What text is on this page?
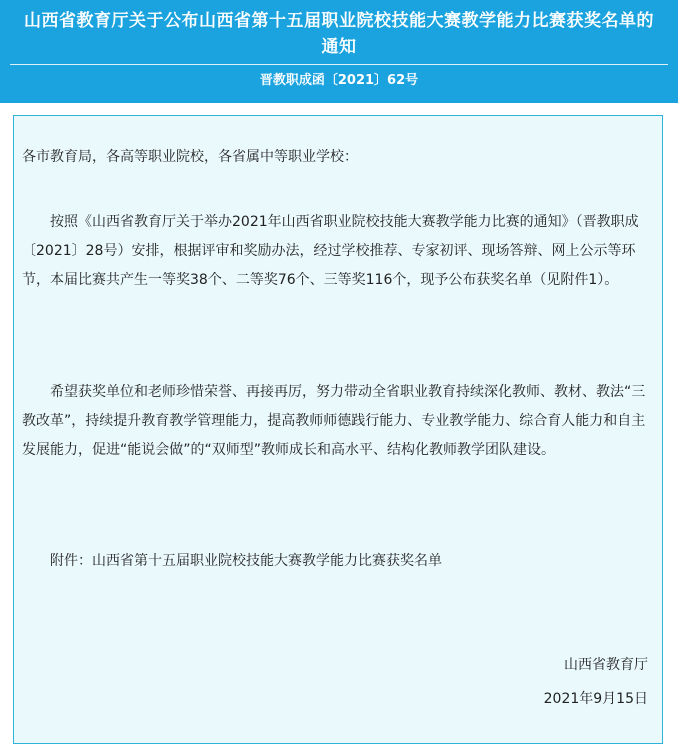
山西省教育厅关于公布山西省第十五届职业院校技能大赛教学能力比赛获奖名单的通知
晋教职成函〔2021〕62号
各市教育局，各高等职业院校，各省属中等职业学校：
按照《山西省教育厅关于举办2021年山西省职业院校技能大赛教学能力比赛的通知》（晋教职成〔2021〕28号）安排，根据评审和奖励办法，经过学校推荐、专家初评、现场答辩、网上公示等环节，本届比赛共产生一等奖38个、二等奖76个、三等奖116个，现予公布获奖名单（见附件1）。
希望获奖单位和老师珍惜荣誉、再接再厉，努力带动全省职业教育持续深化教师、教材、教法“三教改革”，持续提升教育教学管理能力，提高教师师德践行能力、专业教学能力、综合育人能力和自主发展能力，促进“能说会做”的“双师型”教师成长和高水平、结构化教师教学团队建设。
附件：山西省第十五届职业院校技能大赛教学能力比赛获奖名单
山西省教育厅
2021年9月15日
